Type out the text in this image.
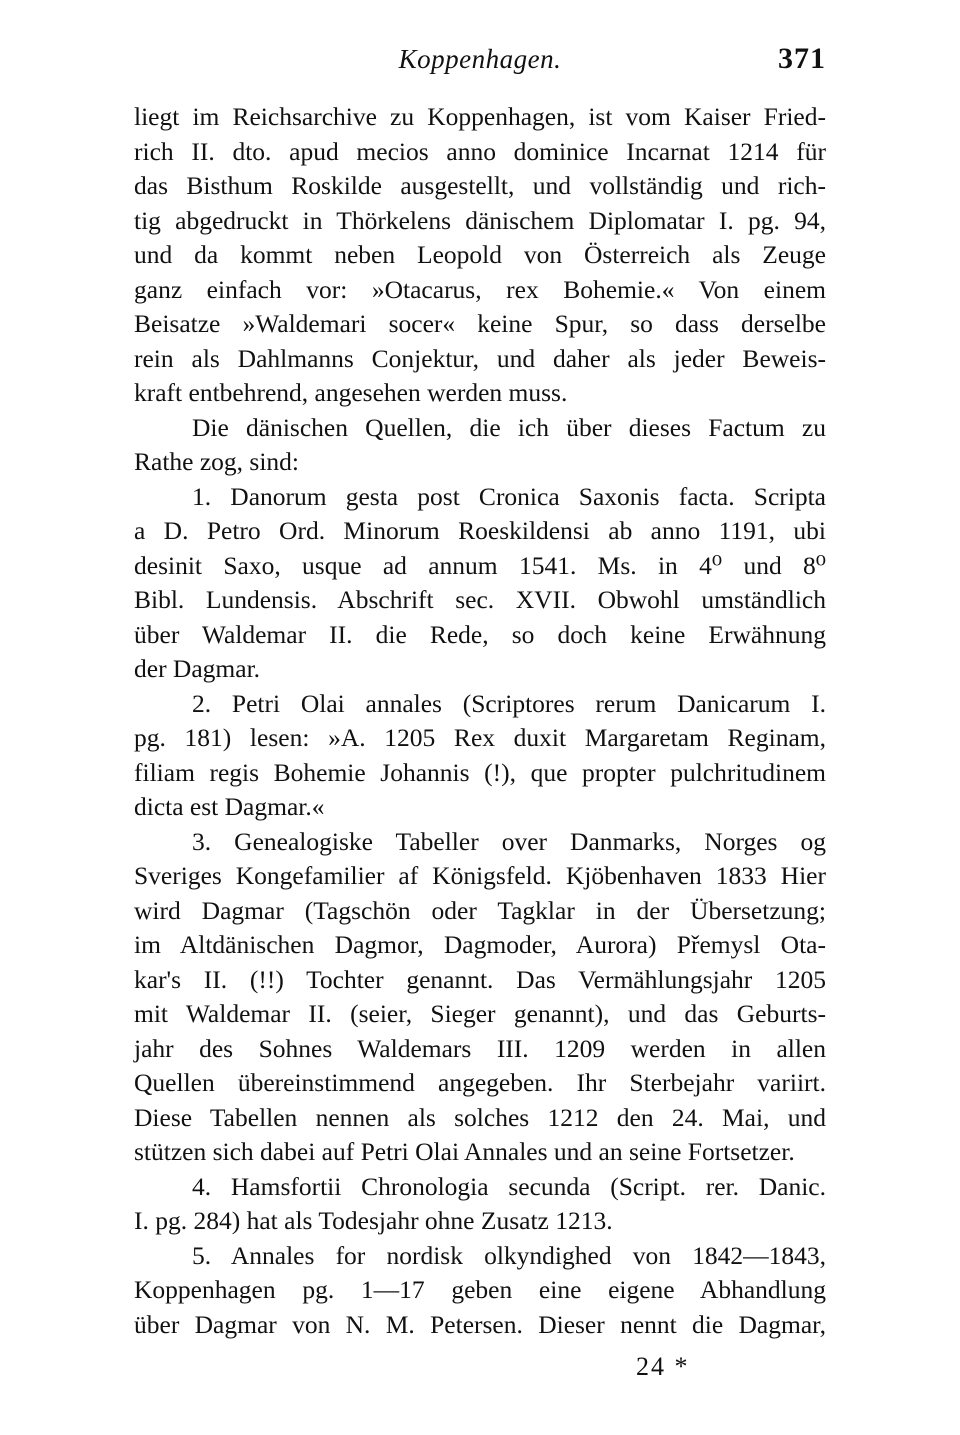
Koppenhagen.	371
liegt im Reichsarchive zu Koppenhagen, ist vom Kaiser Fried-
rich II. dto. apud mecios anno dominice Incarnat 1214 für
das Bisthum Roskilde ausgestellt, und vollständig und rich-
tig abgedruckt in Thörkelens dänischem Diplomatar I. pg. 94,
und da kommt neben Leopold von Österreich als Zeuge
ganz einfach vor: »Otacarus, rex Bohemie.« Von einem
Beisatze »Waldemari socer« keine Spur, so dass derselbe
rein als Dahlmanns Conjektur, und daher als jeder Beweis-
kraft entbehrend, angesehen werden muss.
Die dänischen Quellen, die ich über dieses Factum zu
Rathe zog, sind:
1. Danorum gesta post Cronica Saxonis facta. Scripta
a D. Petro Ord. Minorum Roeskildensi ab anno 1191, ubi
desinit Saxo, usque ad annum 1541. Ms. in 4⁰ und 8⁰
Bibl. Lundensis. Abschrift sec. XVII. Obwohl umständlich
über Waldemar II. die Rede, so doch keine Erwähnung
der Dagmar.
2. Petri Olai annales (Scriptores rerum Danicarum I.
pg. 181) lesen: »A. 1205 Rex duxit Margaretam Reginam,
filiam regis Bohemie Johannis (!), que propter pulchritudinem
dicta est Dagmar.«
3. Genealogiske Tabeller over Danmarks, Norges og
Sveriges Kongefamilier af Königsfeld. Kjöbenhaven 1833 Hier
wird Dagmar (Tagschön oder Tagklar in der Übersetzung;
im Altdänischen Dagmor, Dagmoder, Aurora) Přemysl Ota-
kar's II. (!!) Tochter genannt. Das Vermählungsjahr 1205
mit Waldemar II. (seier, Sieger genannt), und das Geburts-
jahr des Sohnes Waldemars III. 1209 werden in allen
Quellen übereinstimmend angegeben. Ihr Sterbejahr variirt.
Diese Tabellen nennen als solches 1212 den 24. Mai, und
stützen sich dabei auf Petri Olai Annales und an seine Fortsetzer.
4. Hamsfortii Chronologia secunda (Script. rer. Danic.
I. pg. 284) hat als Todesjahr ohne Zusatz 1213.
5. Annales for nordisk olkyndighed von 1842—1843,
Koppenhagen pg. 1—17 geben eine eigene Abhandlung
über Dagmar von N. M. Petersen. Dieser nennt die Dagmar,
24 *
